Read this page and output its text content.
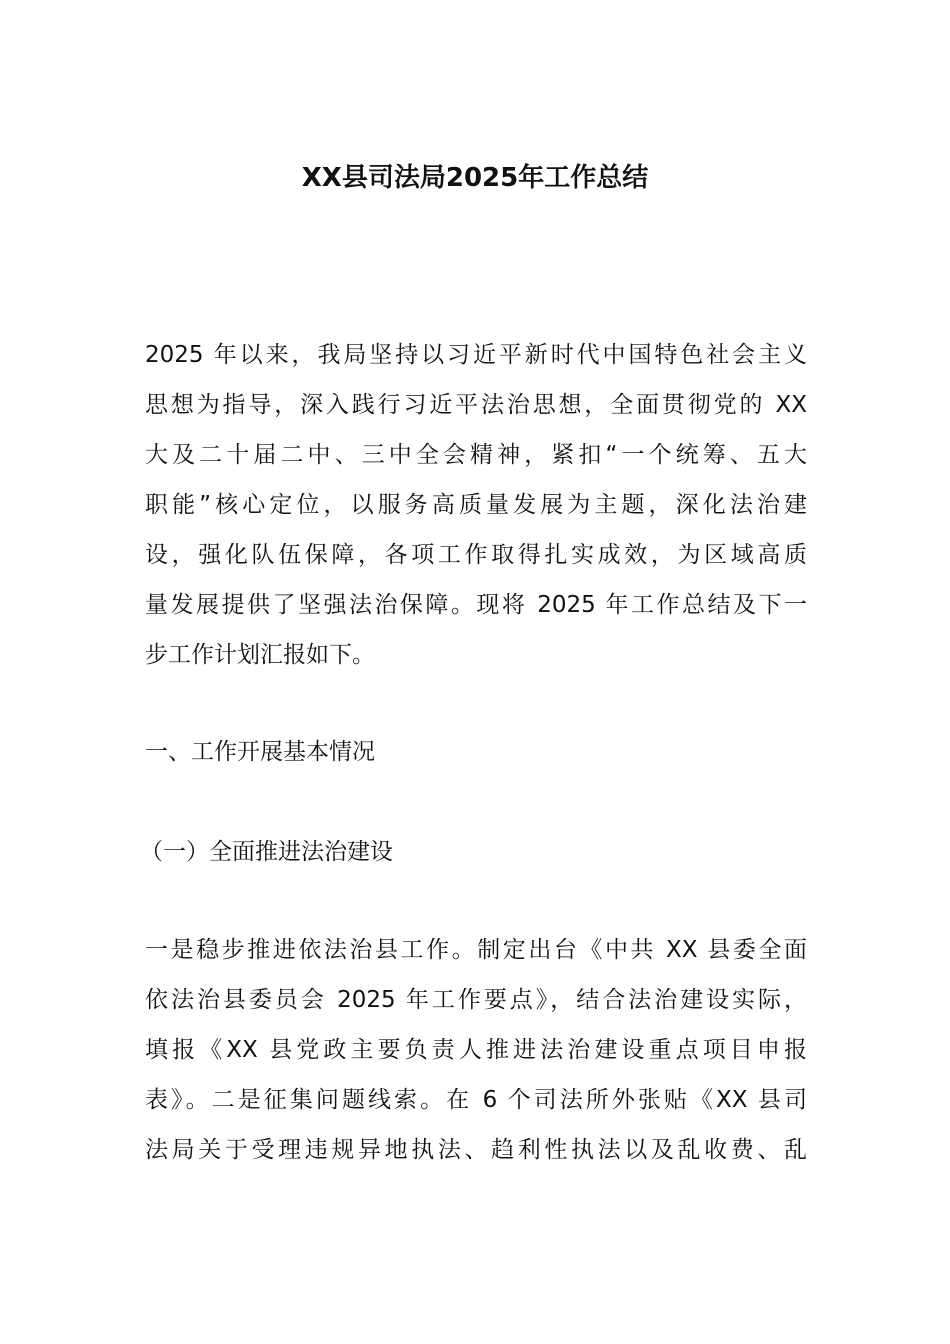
XX县司法局2025年工作总结
2025 年以来，我局坚持以习近平新时代中国特色社会主义
思想为指导，深入践行习近平法治思想，全面贯彻党的 XX
大及二十届二中、三中全会精神，紧扣“一个统筹、五大
职能”核心定位，以服务高质量发展为主题，深化法治建
设，强化队伍保障，各项工作取得扎实成效，为区域高质
量发展提供了坚强法治保障。现将 2025 年工作总结及下一
步工作计划汇报如下。
一、工作开展基本情况
（一）全面推进法治建设
一是稳步推进依法治县工作。制定出台《中共 XX 县委全面
依法治县委员会 2025 年工作要点》，结合法治建设实际，
填报《XX 县党政主要负责人推进法治建设重点项目申报
表》。二是征集问题线索。在 6 个司法所外张贴《XX 县司
法局关于受理违规异地执法、趋利性执法以及乱收费、乱
